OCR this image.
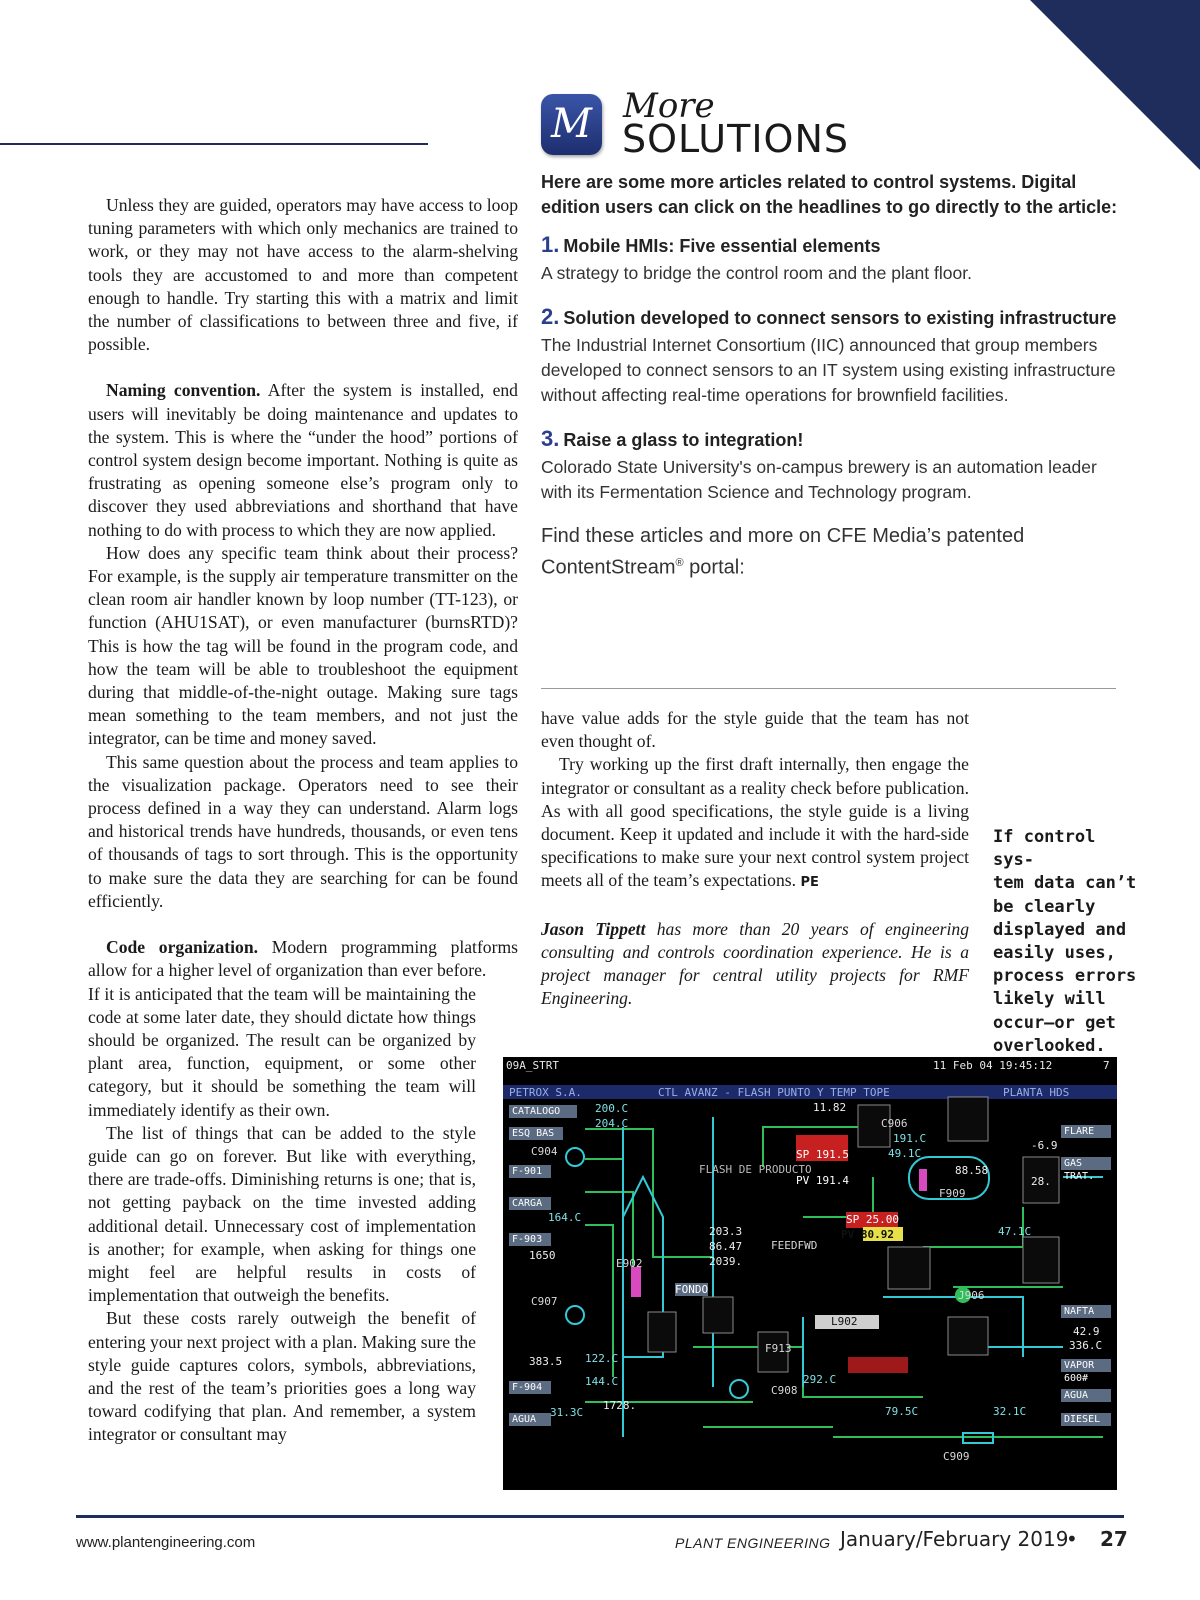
Unless they are guided, operators may have access to loop tuning parameters with which only mechanics are trained to work, or they may not have access to the alarm-shelving tools they are accustomed to and more than competent enough to handle. Try starting this with a matrix and limit the number of classifications to between three and five, if possible.

Naming convention. After the system is installed, end users will inevitably be doing maintenance and updates to the system. This is where the “under the hood” portions of control system design become important. Nothing is quite as frustrating as opening someone else’s program only to discover they used abbreviations and shorthand that have nothing to do with process to which they are now applied.

How does any specific team think about their process? For example, is the supply air temperature transmitter on the clean room air handler known by loop number (TT-123), or function (AHU1SAT), or even manufacturer (burnsRTD)? This is how the tag will be found in the program code, and how the team will be able to troubleshoot the equipment during that middle-of-the-night outage. Making sure tags mean something to the team members, and not just the integrator, can be time and money saved.

This same question about the process and team applies to the visualization package. Operators need to see their process defined in a way they can understand. Alarm logs and historical trends have hundreds, thousands, or even tens of thousands of tags to sort through. This is the opportunity to make sure the data they are searching for can be found efficiently.

Code organization. Modern programming platforms allow for a higher level of organization than ever before.

If it is anticipated that the team will be maintaining the code at some later date, they should dictate how things should be organized. The result can be organized by plant area, function, equipment, or some other category, but it should be something the team will immediately identify as their own.

The list of things that can be added to the style guide can go on forever. But like with everything, there are trade-offs. Diminishing returns is one; that is, not getting payback on the time invested adding additional detail. Unnecessary cost of implementation is another; for example, when asking for things one might feel are helpful results in costs of implementation that outweigh the benefits.

But these costs rarely outweigh the benefit of entering your next project with a plan. Making sure the style guide captures colors, symbols, abbreviations, and the rest of the team’s priorities goes a long way toward codifying that plan. And remember, a system integrator or consultant may

M More
SOLUTIONS

Here are some more articles related to control systems. Digital edition users can click on the headlines to go directly to the article:

1. Mobile HMIs: Five essential elements

A strategy to bridge the control room and the plant floor.

2. Solution developed to connect sensors to existing infrastructure

The Industrial Internet Consortium (IIC) announced that group members developed to connect sensors to an IT system using existing infrastructure without affecting real-time operations for brownfield facilities.

3. Raise a glass to integration!

Colorado State University's on-campus brewery is an automation leader with its Fermentation Science and Technology program.

Find these articles and more on CFE Media’s patented ContentStream® portal:

have value adds for the style guide that the team has not even thought of.

Try working up the first draft internally, then engage the integrator or consultant as a reality check before publication. As with all good specifications, the style guide is a living document. Keep it updated and include it with the hard-side specifications to make sure your next control system project meets all of the team’s expectations. PE

Jason Tippett has more than 20 years of engineering consulting and controls coordination experience. He is a project manager for central utility projects for RMF Engineering.

If control sys-
tem data can’t
be clearly
displayed and
easily uses,
process errors
likely will
occur—or get
overlooked.
09A_STRT	11 Feb 04 19:45:12	7
PETROX S.A.	CTL AVANZ - FLASH PUNTO Y TEMP TOPE	PLANTA HDS
CATALOGO
ESQ BAS
F-901
CARGA
F-903
F-904
AGUA
FLARE
GAS TRAT.
NAFTA
VAPOR 600#
AGUA
DIESEL
C904
C907
C906
C908
C909
E902
F909
J906
L902
F913
FONDO
FEEDFWD
FLASH DE PRODUCTO
SP 191.5
PV 191.4
SP 25.00
PV 80.92
200.C
204.C
191.C
49.1C
164.C
122.C
144.C
31.3C
292.C
79.5C	32.1C
47.1C
203.3
86.47
2039.
1650
383.5
1728.
-6.9
28.
11.82
88.58
42.9
336.C
www.plantengineering.com	PLANT ENGINEERING January/February 2019
• 27
